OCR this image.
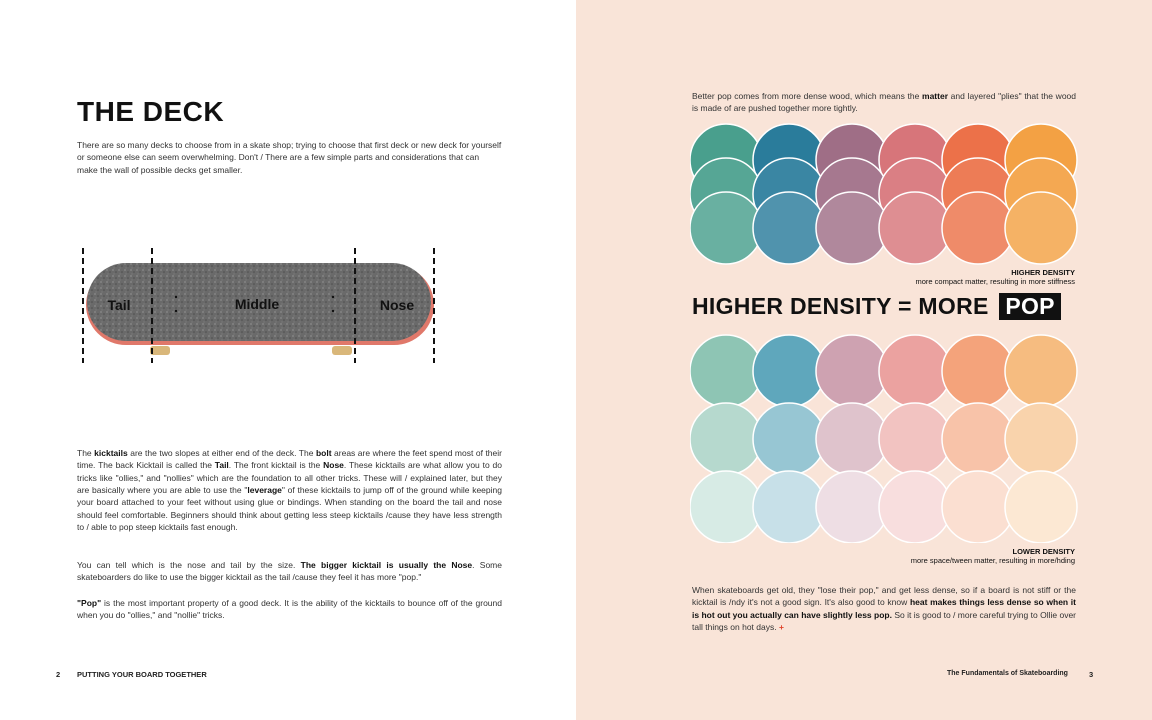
THE DECK

There are so many decks to choose from in a skate shop; trying to choose that first deck or new deck for yourself or someone else can seem overwhelming. Don't / There are a few simple parts and considerations that can make the wall of possible decks get smaller.

Tail	Middle	Nose

The kicktails are the two slopes at either end of the deck. The bolt areas are where the feet spend most of their time. The back Kicktail is called the Tail. The front kicktail is the Nose. These kicktails are what allow you to do tricks like "ollies," and "nollies" which are the foundation to all other tricks. These will / explained later, but they are basically where you are able to use the "leverage" of these kicktails to jump off of the ground while keeping your board attached to your feet without using glue or bindings. When standing on the board the tail and nose should feel comfortable. Beginners should think about getting less steep kicktails /cause they have less strength to / able to pop steep kicktails fast enough.

You can tell which is the nose and tail by the size. The bigger kicktail is usually the Nose. Some skateboarders do like to use the bigger kicktail as the tail /cause they feel it has more "pop."

"Pop" is the most important property of a good deck. It is the ability of the kicktails to bounce off of the ground when you do "ollies," and "nollie" tricks.

2 PUTTING YOUR BOARD TOGETHER

Better pop comes from more dense wood, which means the matter and layered "plies" that the wood is made of are pushed together more tightly.

HIGHER DENSITY
more compact matter, resulting in more stiffness
HIGHER DENSITY = MORE POP
LOWER DENSITY
more space/tween matter, resulting in more/hding

When skateboards get old, they "lose their pop," and get less dense, so if a board is not stiff or the kicktail is /ndy it's not a good sign. It's also good to know heat makes things less dense so when it is hot out you actually can have slightly less pop. So it is good to / more careful trying to Ollie over tall things on hot days. +

The Fundamentals of Skateboarding	3
